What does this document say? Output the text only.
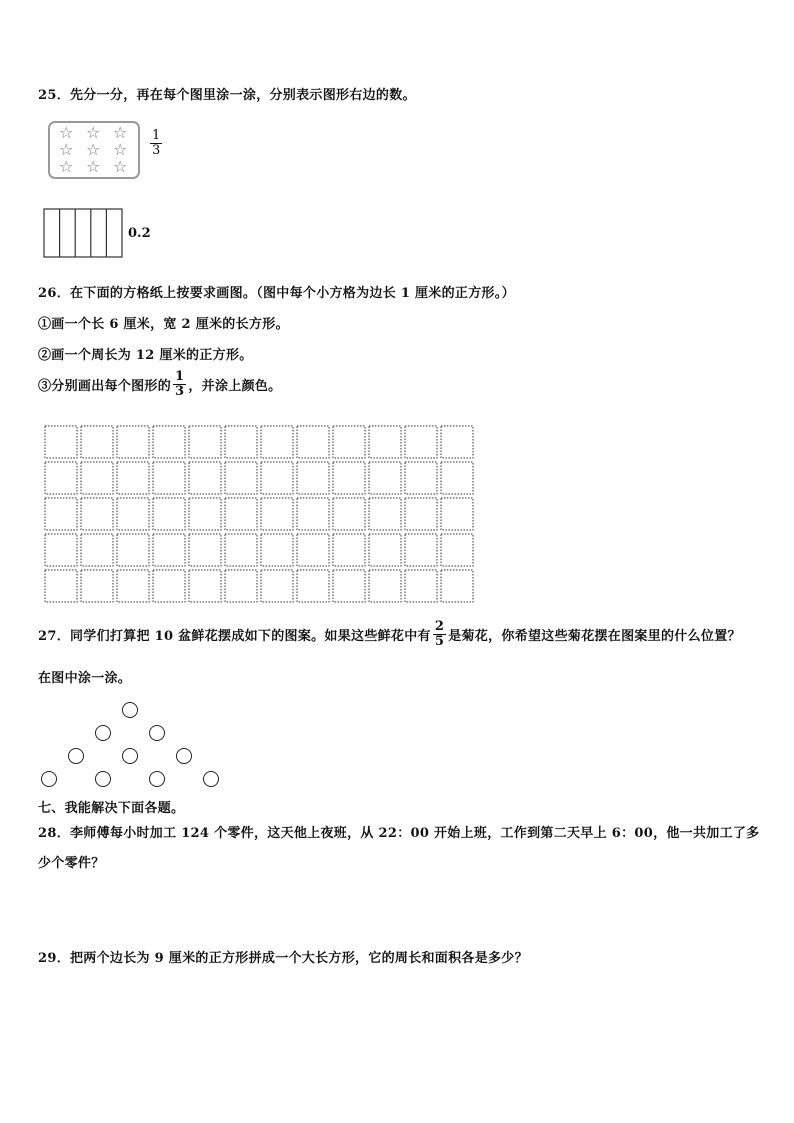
25．先分一分，再在每个图里涂一涂，分别表示图形右边的数。
☆ ☆ ☆
☆ ☆ ☆
☆ ☆ ☆
$\frac{1}{3}$
0.2
26．在下面的方格纸上按要求画图。（图中每个小方格为边长 1 厘米的正方形。）
①画一个长 6 厘米，宽 2 厘米的长方形。
②画一个周长为 12 厘米的正方形。
③分别画出每个图形的 $\frac{1}{3}$ ，并涂上颜色。
27．同学们打算把 10 盆鲜花摆成如下的图案。如果这些鲜花中有 $\frac{2}{5}$ 是菊花，你希望这些菊花摆在图案里的什么位置？
在图中涂一涂。
七、我能解决下面各题。
28．李师傅每小时加工 124 个零件，这天他上夜班，从 22：00 开始上班，工作到第二天早上 6：00，他一共加工了多
少个零件？
29．把两个边长为 9 厘米的正方形拼成一个大长方形，它的周长和面积各是多少？
